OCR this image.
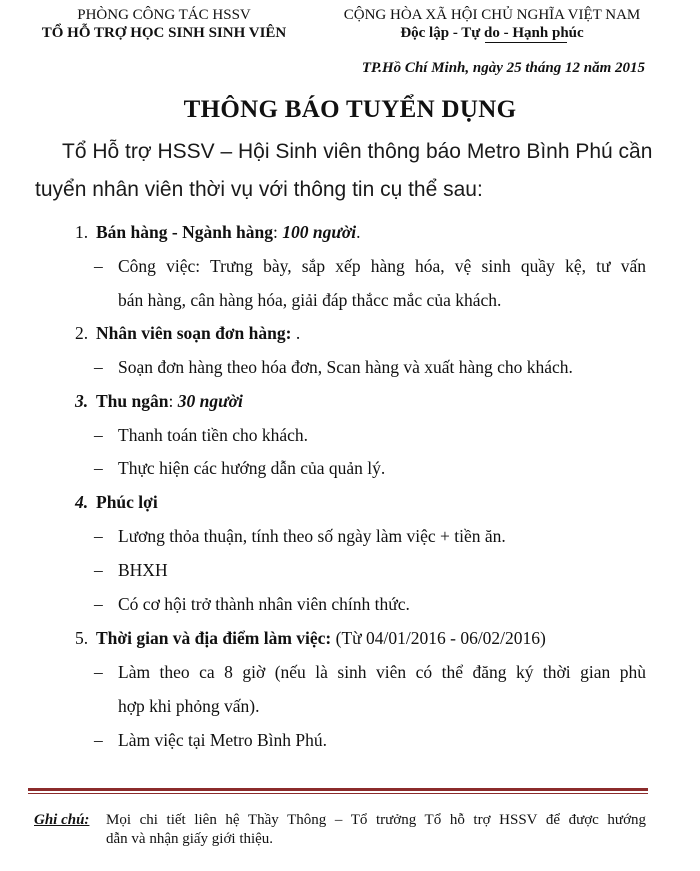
PHÒNG CÔNG TÁC HSSV
TỔ HỖ TRỢ HỌC SINH SINH VIÊN
CỘNG HÒA XÃ HỘI CHỦ NGHĨA VIỆT NAM
Độc lập - Tự do - Hạnh phúc
TP.Hồ Chí Minh, ngày 25 tháng 12 năm 2015
THÔNG BÁO TUYỂN DỤNG
Tổ Hỗ trợ HSSV – Hội Sinh viên thông báo Metro Bình Phú cần
tuyển nhân viên thời vụ với thông tin cụ thể sau:
1. Bán hàng - Ngành hàng: 100 người.
– Công việc: Trưng bày, sắp xếp hàng hóa, vệ sinh quầy kệ, tư vấn
bán hàng, cân hàng hóa, giải đáp thắcc mắc của khách.
2. Nhân viên soạn đơn hàng: .
– Soạn đơn hàng theo hóa đơn, Scan hàng và xuất hàng cho khách.
3. Thu ngân: 30 người
– Thanh toán tiền cho khách.
– Thực hiện các hướng dẫn của quản lý.
4. Phúc lợi
– Lương thỏa thuận, tính theo số ngày làm việc + tiền ăn.
– BHXH
– Có cơ hội trở thành nhân viên chính thức.
5. Thời gian và địa điểm làm việc: (Từ 04/01/2016 - 06/02/2016)
– Làm theo ca 8 giờ (nếu là sinh viên có thể đăng ký thời gian phù
hợp khi phỏng vấn).
– Làm việc tại Metro Bình Phú.
Ghi chú: Mọi chi tiết liên hệ Thầy Thông – Tổ trưởng Tổ hỗ trợ HSSV để được hướng
dẫn và nhận giấy giới thiệu.
